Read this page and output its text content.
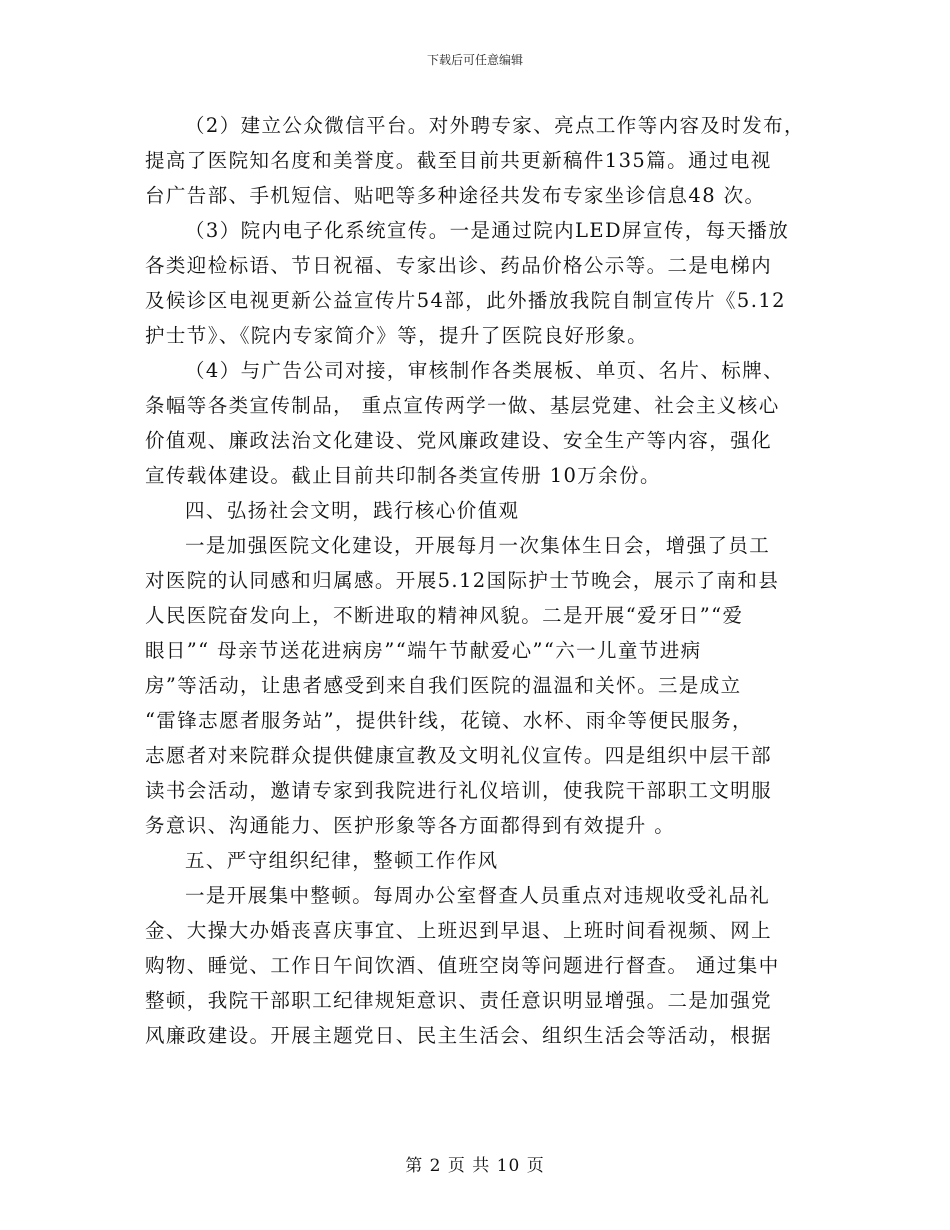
下载后可任意编辑
（2）建立公众微信平台。对外聘专家、亮点工作等内容及时发布，
提高了医院知名度和美誉度。截至目前共更新稿件135篇。通过电视
台广告部、手机短信、贴吧等多种途径共发布专家坐诊信息48 次。
（3）院内电子化系统宣传。一是通过院内LED屏宣传，每天播放
各类迎检标语、节日祝福、专家出诊、药品价格公示等。二是电梯内
及候诊区电视更新公益宣传片54部，此外播放我院自制宣传片《5.12
护士节》、《院内专家简介》等，提升了医院良好形象。
（4）与广告公司对接，审核制作各类展板、单页、名片、标牌、
条幅等各类宣传制品， 重点宣传两学一做、基层党建、社会主义核心
价值观、廉政法治文化建设、党风廉政建设、安全生产等内容，强化
宣传载体建设。截止目前共印制各类宣传册 10万余份。
四、弘扬社会文明，践行核心价值观
一是加强医院文化建设，开展每月一次集体生日会，增强了员工
对医院的认同感和归属感。开展5.12国际护士节晚会，展示了南和县
人民医院奋发向上，不断进取的精神风貌。二是开展“爱牙日”“爱
眼日”“ 母亲节送花进病房”“端午节献爱心”“六一儿童节进病
房”等活动，让患者感受到来自我们医院的温温和关怀。三是成立
“雷锋志愿者服务站”，提供针线，花镜、水杯、雨伞等便民服务，
志愿者对来院群众提供健康宣教及文明礼仪宣传。四是组织中层干部
读书会活动，邀请专家到我院进行礼仪培训，使我院干部职工文明服
务意识、沟通能力、医护形象等各方面都得到有效提升 。
五、严守组织纪律，整顿工作作风
一是开展集中整顿。每周办公室督查人员重点对违规收受礼品礼
金、大操大办婚丧喜庆事宜、上班迟到早退、上班时间看视频、网上
购物、睡觉、工作日午间饮酒、值班空岗等问题进行督查。 通过集中
整顿，我院干部职工纪律规矩意识、责任意识明显增强。二是加强党
风廉政建设。开展主题党日、民主生活会、组织生活会等活动，根据
第 2 页 共 10 页
